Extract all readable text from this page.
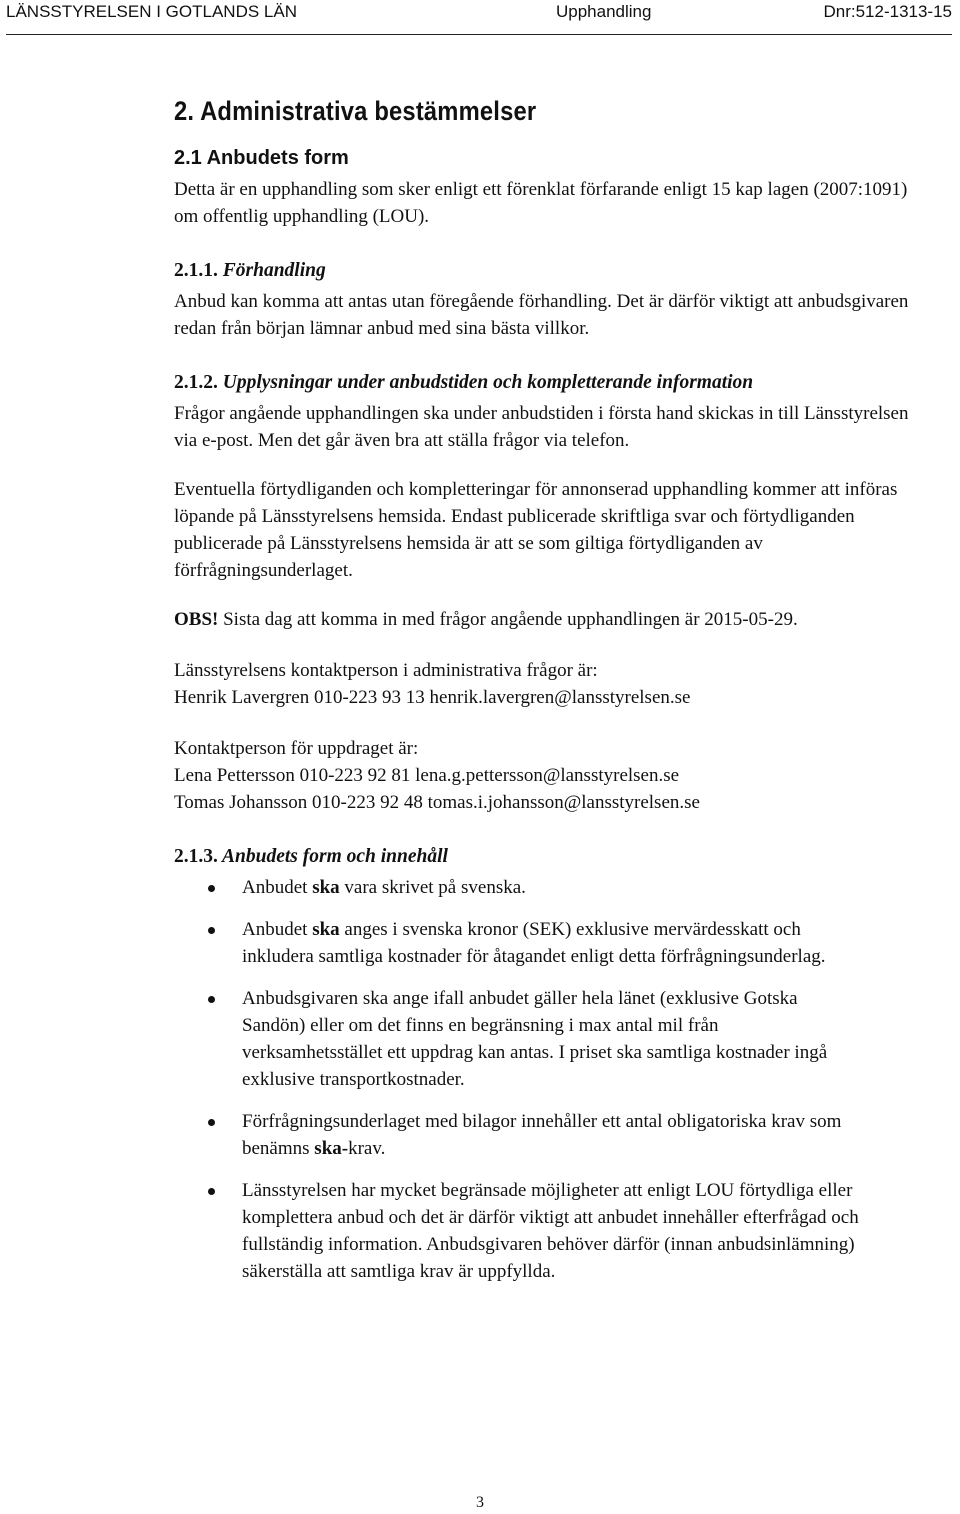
LÄNSSTYRELSEN I GOTLANDS LÄN	Upphandling	Dnr:512-1313-15
2. Administrativa bestämmelser
2.1 Anbudets form

Detta är en upphandling som sker enligt ett förenklat förfarande enligt 15 kap lagen (2007:1091) om offentlig upphandling (LOU).

2.1.1. Förhandling

Anbud kan komma att antas utan föregående förhandling. Det är därför viktigt att anbudsgivaren redan från början lämnar anbud med sina bästa villkor.

2.1.2. Upplysningar under anbudstiden och kompletterande information

Frågor angående upphandlingen ska under anbudstiden i första hand skickas in till Länsstyrelsen via e-post. Men det går även bra att ställa frågor via telefon.

Eventuella förtydliganden och kompletteringar för annonserad upphandling kommer att införas löpande på Länsstyrelsens hemsida. Endast publicerade skriftliga svar och förtydliganden publicerade på Länsstyrelsens hemsida är att se som giltiga förtydliganden av förfrågningsunderlaget.

OBS! Sista dag att komma in med frågor angående upphandlingen är 2015-05-29.

Länsstyrelsens kontaktperson i administrativa frågor är:

Henrik Lavergren 010-223 93 13 henrik.lavergren@lansstyrelsen.se

Kontaktperson för uppdraget är:

Lena Pettersson 010-223 92 81 lena.g.pettersson@lansstyrelsen.se

Tomas Johansson 010-223 92 48 tomas.i.johansson@lansstyrelsen.se

2.1.3. Anbudets form och innehåll
Anbudet ska vara skrivet på svenska.
Anbudet ska anges i svenska kronor (SEK) exklusive mervärdesskatt och inkludera samtliga kostnader för åtagandet enligt detta förfrågningsunderlag.
Anbudsgivaren ska ange ifall anbudet gäller hela länet (exklusive Gotska Sandön) eller om det finns en begränsning i max antal mil från verksamhetsstället ett uppdrag kan antas. I priset ska samtliga kostnader ingå exklusive transportkostnader.
Förfrågningsunderlaget med bilagor innehåller ett antal obligatoriska krav som benämns ska-krav.
Länsstyrelsen har mycket begränsade möjligheter att enligt LOU förtydliga eller komplettera anbud och det är därför viktigt att anbudet innehåller efterfrågad och fullständig information. Anbudsgivaren behöver därför (innan anbudsinlämning) säkerställa att samtliga krav är uppfyllda.
3
